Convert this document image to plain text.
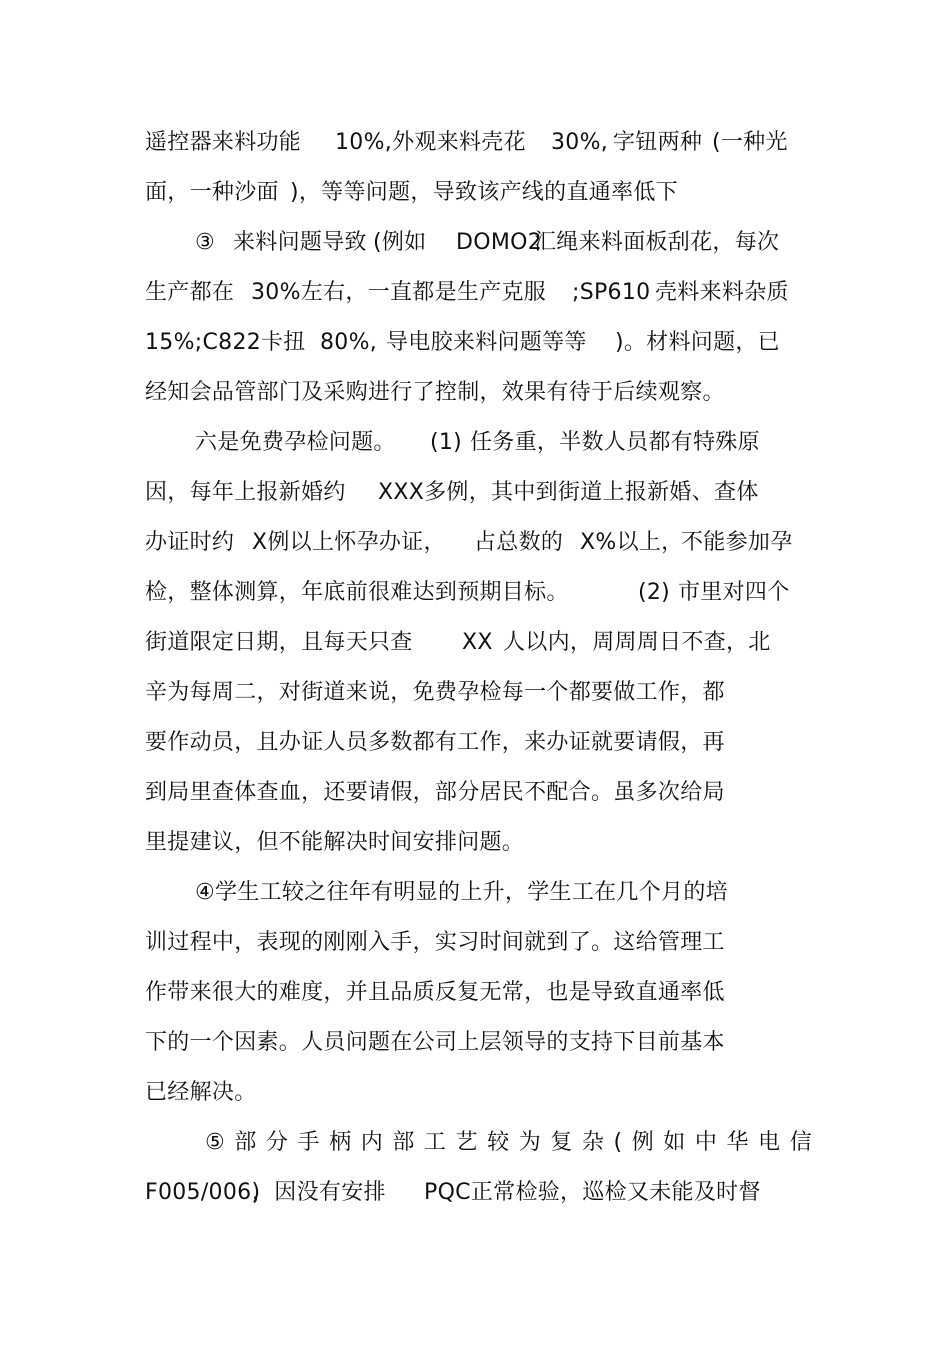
遥控器来料功能 10%,外观来料壳花 30%, 字钮两种 (一种光
面，一种沙面 )，等等问题，导致该产线的直通率低下
③ 来料问题导致 (例如 DOMO2
汇绳来料面板刮花，每次
生产都在 30%左右，一直都是生产克服 ;SP610 壳料来料杂质
15%;C822 卡扭 80%, 导电胶来料问题等等 )。材料问题，已
经知会品管部门及采购进行了控制，效果有待于后续观察。
六是免费孕检问题。 (1) 任务重，半数人员都有特殊原
因，每年上报新婚约 XXX多例，其中到街道上报新婚、查体
办证时约 X例以上怀孕办证， 占总数的 X%以上，
不能参加孕
检，整体测算，年底前很难达到预期目标。	(2) 市里对四个
街道限定日期，且每天只查 XX 人以内，周周周日不查，北
辛为每周二，对街道来说，免费孕检每一个都要做工作，都
要作动员，且办证人员多数都有工作，来办证就要请假，再
到局里查体查血，还要请假，部分居民不配合。虽多次给局
里提建议，但不能解决时间安排问题。
④学生工较之往年有明显的上升，学生工在几个月的培
训过程中，表现的刚刚入手，实习时间就到了。这给管理工
作带来很大的难度，并且品质反复无常，也是导致直通率低
下的一个因素。人员问题在公司上层领导的支持下目前基本
已经解决。
⑤部分手柄内部工艺较为复杂(例如中华电信
F005/006)
，因没有安排 PQC正常检验，巡检又未能及时督
